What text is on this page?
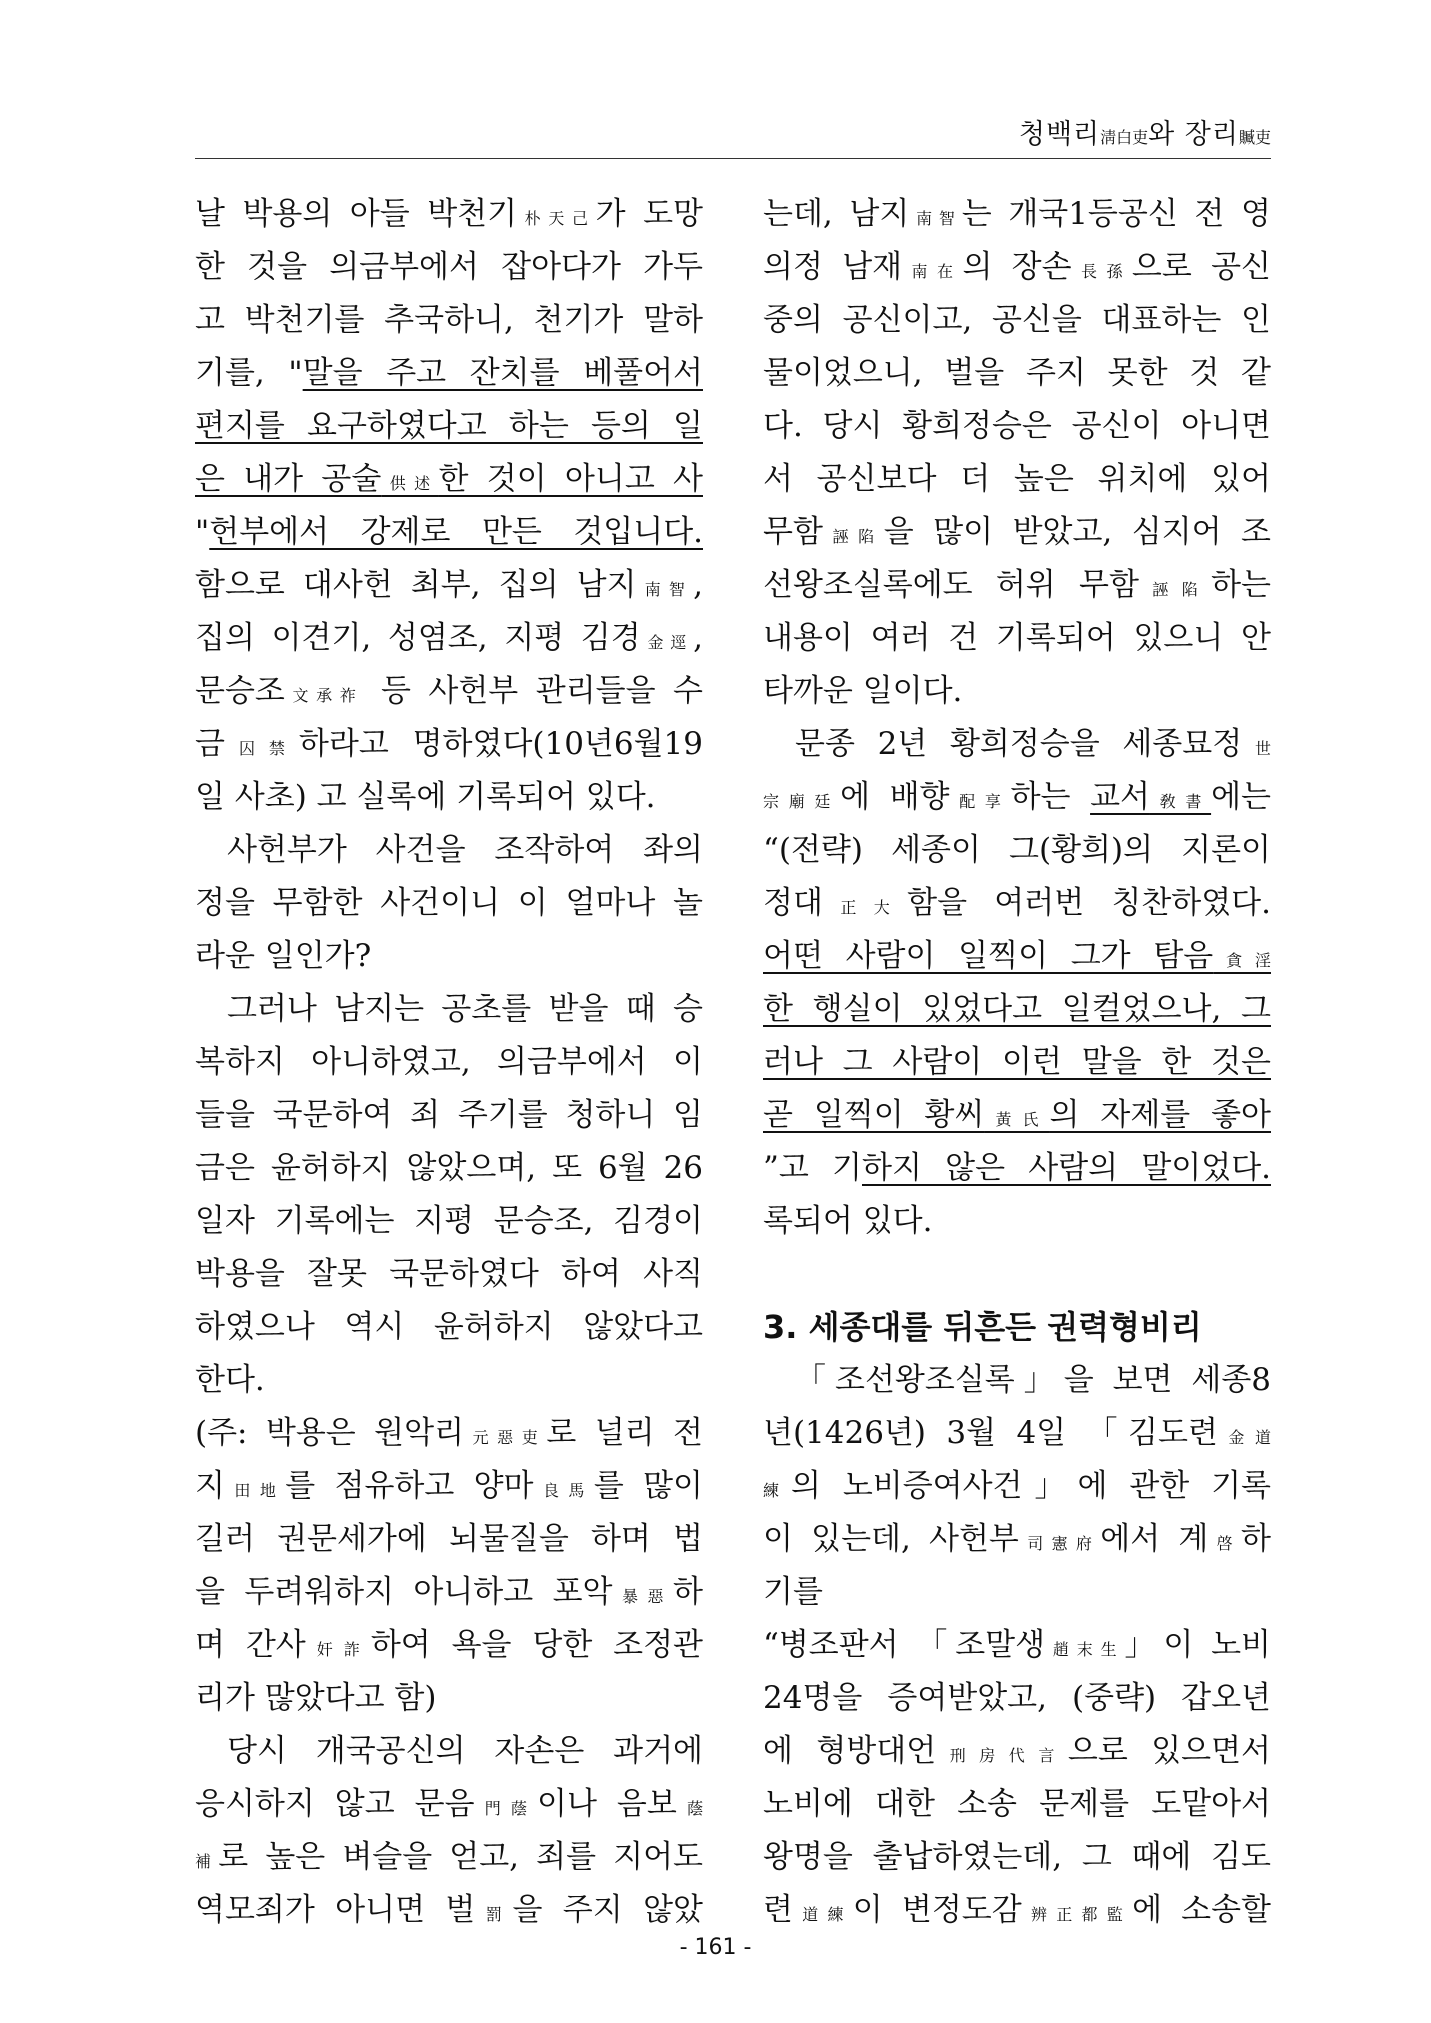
청백리淸白吏와 장리贓吏
날 박용의 아들 박천기朴天己가 도망
한 것을 의금부에서 잡아다가 가두
고 박천기를 추국하니, 천기가 말하
기를, "말을 주고 잔치를 베풀어서
편지를 요구하였다고 하는 등의 일
은 내가 공술供述한 것이 아니고 사
"헌부에서 강제로 만든 것입니다.
함으로 대사헌 최부, 집의 남지南智,
집의 이견기, 성염조, 지평 김경金逕,
문승조文承祚 등 사헌부 관리들을 수
금囚禁하라고 명하였다(10년6월19
일 사초) 고 실록에 기록되어 있다.
사헌부가 사건을 조작하여 좌의
정을 무함한 사건이니 이 얼마나 놀
라운 일인가?
그러나 남지는 공초를 받을 때 승
복하지 아니하였고, 의금부에서 이
들을 국문하여 죄 주기를 청하니 임
금은 윤허하지 않았으며, 또 6월 26
일자 기록에는 지평 문승조, 김경이
박용을 잘못 국문하였다 하여 사직
하였으나 역시 윤허하지 않았다고
한다.
(주: 박용은 원악리元惡吏로 널리 전
지田地를 점유하고 양마良馬를 많이
길러 권문세가에 뇌물질을 하며 법
을 두려워하지 아니하고 포악暴惡하
며 간사奸詐하여 욕을 당한 조정관
리가 많았다고 함)
당시 개국공신의 자손은 과거에
응시하지 않고 문음門蔭이나 음보蔭
補로 높은 벼슬을 얻고, 죄를 지어도
역모죄가 아니면 벌罰을 주지 않았
는데, 남지南智는 개국1등공신 전 영
의정 남재南在의 장손長孫으로 공신
중의 공신이고, 공신을 대표하는 인
물이었으니, 벌을 주지 못한 것 같
다. 당시 황희정승은 공신이 아니면
서 공신보다 더 높은 위치에 있어
무함誣陷을 많이 받았고, 심지어 조
선왕조실록에도 허위 무함誣陷하는
내용이 여러 건 기록되어 있으니 안
타까운 일이다.
문종 2년 황희정승을 세종묘정世
宗廟廷에 배향配享하는 교서敎書에는
“(전략) 세종이 그(황희)의 지론이
정대正大함을 여러번 칭찬하였다.
어떤 사람이 일찍이 그가 탐음貪淫
한 행실이 있었다고 일컬었으나, 그
러나 그 사람이 이런 말을 한 것은
곧 일찍이 황씨黃氏의 자제를 좋아
”고 기하지 않은 사람의 말이었다.
록되어 있다.
3. 세종대를 뒤흔든 권력형비리
「조선왕조실록」을 보면 세종8
년(1426년) 3월 4일 「김도련金道
練의 노비증여사건」에 관한 기록
이 있는데, 사헌부司憲府에서 계啓하
기를
“병조판서 「조말생趙末生」이 노비
24명을 증여받았고, (중략) 갑오년
에 형방대언刑房代言으로 있으면서
노비에 대한 소송 문제를 도맡아서
왕명을 출납하였는데, 그 때에 김도
련道練이 변정도감辨正都監에 소송할
- 161 -
